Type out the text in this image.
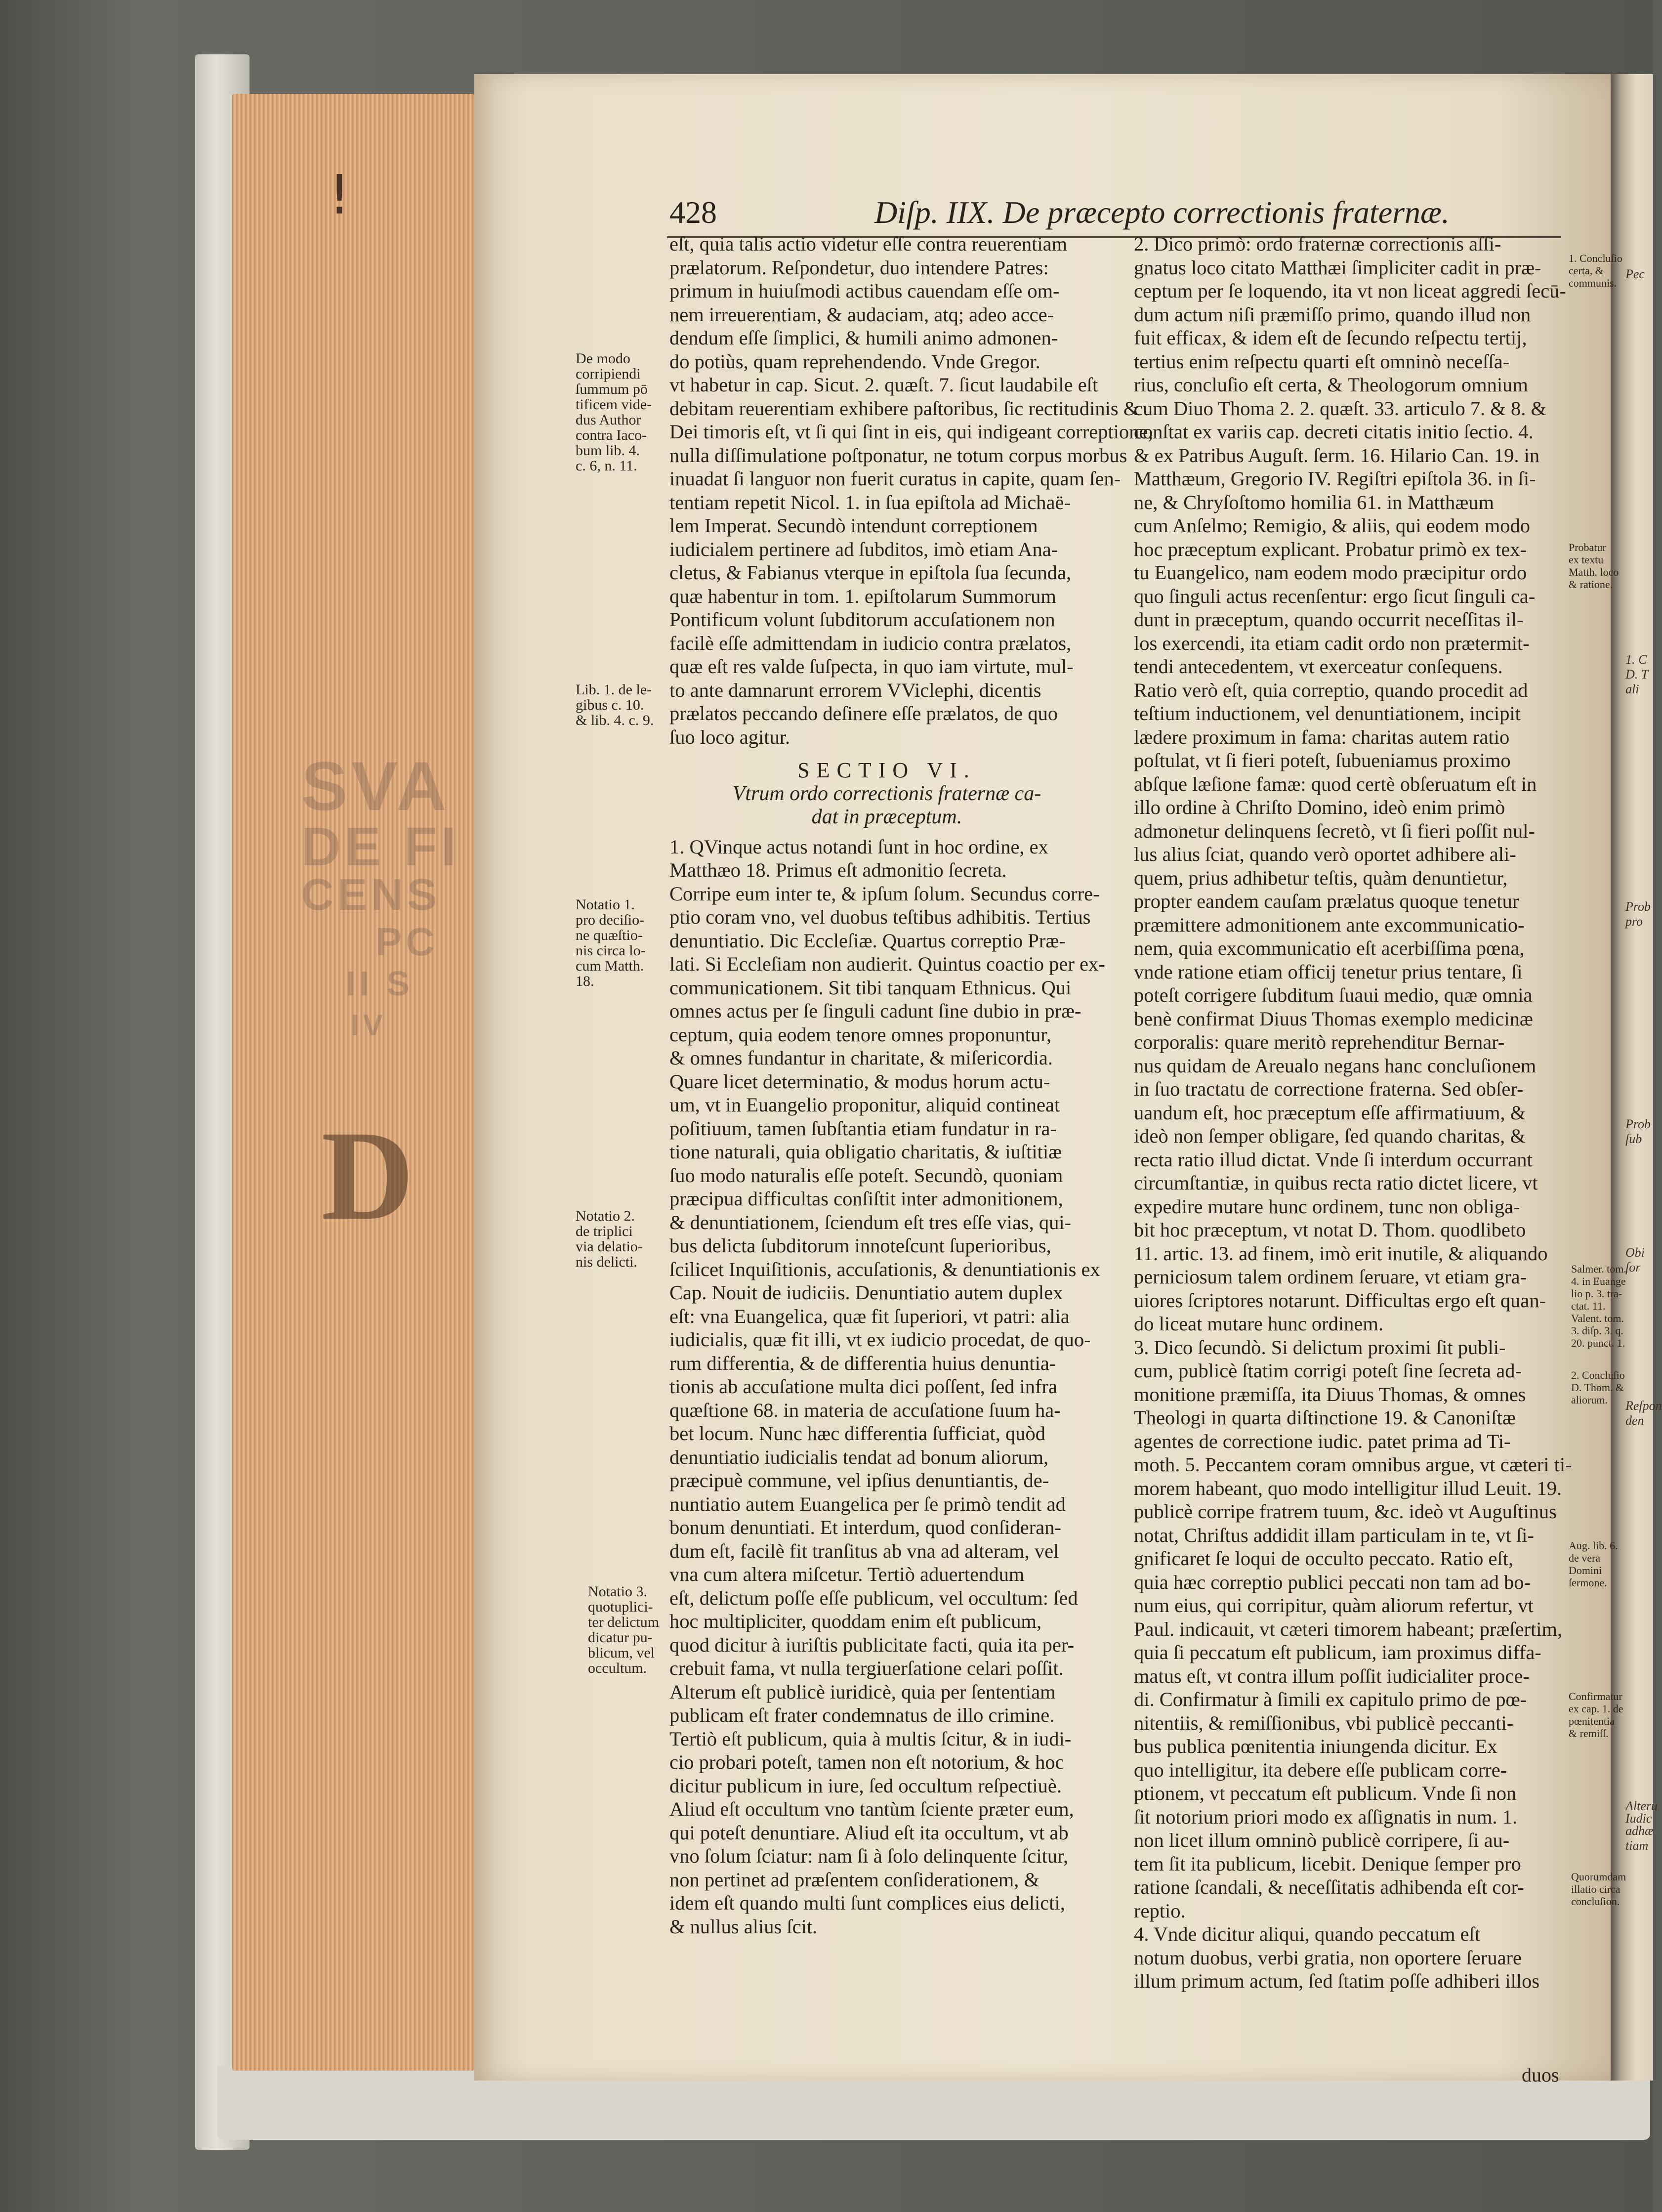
SVA
DE FI
CENS
PC
II S
IV
D
!	428	Diſp. IIX. De præcepto correctionis fraternæ.
eſt, quia talis actio videtur eſſe contra reuerentiam
prælatorum. Reſpondetur, duo intendere Patres:
primum in huiuſmodi actibus cauendam eſſe om-
nem irreuerentiam, & audaciam, atq; adeo acce-
dendum eſſe ſimplici, & humili animo admonen-
do potiùs, quam reprehendendo. Vnde Gregor.
vt habetur in cap. Sicut. 2. quæſt. 7. ſicut laudabile eſt
debitam reuerentiam exhibere paſtoribus, ſic rectitudinis &
Dei timoris eſt, vt ſi qui ſint in eis, qui indigeant correptione,
nulla diſſimulatione poſtponatur, ne totum corpus morbus
inuadat ſi languor non fuerit curatus in capite, quam ſen-
tentiam repetit Nicol. 1. in ſua epiſtola ad Michaë-
lem Imperat. Secundò intendunt correptionem
iudicialem pertinere ad ſubditos, imò etiam Ana-
cletus, & Fabianus vterque in epiſtola ſua ſecunda,
quæ habentur in tom. 1. epiſtolarum Summorum
Pontificum volunt ſubditorum accuſationem non
facilè eſſe admittendam in iudicio contra prælatos,
quæ eſt res valde ſuſpecta, in quo iam virtute, mul-
to ante damnarunt errorem VViclephi, dicentis
prælatos peccando deſinere eſſe prælatos, de quo
ſuo loco agitur.
SECTIO VI.
Vtrum ordo correctionis fraternæ ca-
dat in præceptum.
1. QVinque actus notandi ſunt in hoc ordine, ex
Matthæo 18. Primus eſt admonitio ſecreta.
Corripe eum inter te, & ipſum ſolum. Secundus corre-
ptio coram vno, vel duobus teſtibus adhibitis. Tertius
denuntiatio. Dic Eccleſiæ. Quartus correptio Præ-
lati. Si Eccleſiam non audierit. Quintus coactio per ex-
communicationem. Sit tibi tanquam Ethnicus. Qui
omnes actus per ſe ſinguli cadunt ſine dubio in præ-
ceptum, quia eodem tenore omnes proponuntur,
& omnes fundantur in charitate, & miſericordia.
Quare licet determinatio, & modus horum actu-
um, vt in Euangelio proponitur, aliquid contineat
poſitiuum, tamen ſubſtantia etiam fundatur in ra-
tione naturali, quia obligatio charitatis, & iuſtitiæ
ſuo modo naturalis eſſe poteſt. Secundò, quoniam
præcipua difficultas conſiſtit inter admonitionem,
& denuntiationem, ſciendum eſt tres eſſe vias, qui-
bus delicta ſubditorum innoteſcunt ſuperioribus,
ſcilicet Inquiſitionis, accuſationis, & denuntiationis ex
Cap. Nouit de iudiciis. Denuntiatio autem duplex
eſt: vna Euangelica, quæ fit ſuperiori, vt patri: alia
iudicialis, quæ fit illi, vt ex iudicio procedat, de quo-
rum differentia, & de differentia huius denuntia-
tionis ab accuſatione multa dici poſſent, ſed infra
quæſtione 68. in materia de accuſatione ſuum ha-
bet locum. Nunc hæc differentia ſufficiat, quòd
denuntiatio iudicialis tendat ad bonum aliorum,
præcipuè commune, vel ipſius denuntiantis, de-
nuntiatio autem Euangelica per ſe primò tendit ad
bonum denuntiati. Et interdum, quod conſideran-
dum eſt, facilè fit tranſitus ab vna ad alteram, vel
vna cum altera miſcetur. Tertiò aduertendum
eſt, delictum poſſe eſſe publicum, vel occultum: ſed
hoc multipliciter, quoddam enim eſt publicum,
quod dicitur à iuriſtis publicitate facti, quia ita per-
crebuit fama, vt nulla tergiuerſatione celari poſſit.
Alterum eſt publicè iuridicè, quia per ſententiam
publicam eſt frater condemnatus de illo crimine.
Tertiò eſt publicum, quia à multis ſcitur, & in iudi-
cio probari poteſt, tamen non eſt notorium, & hoc
dicitur publicum in iure, ſed occultum reſpectiuè.
Aliud eſt occultum vno tantùm ſciente præter eum,
qui poteſt denuntiare. Aliud eſt ita occultum, vt ab
vno ſolum ſciatur: nam ſi à ſolo delinquente ſcitur,
non pertinet ad præſentem conſiderationem, &
idem eſt quando multi ſunt complices eius delicti,
& nullus alius ſcit.
2. Dico primò: ordo fraternæ correctionis aſſi-
gnatus loco citato Matthæi ſimpliciter cadit in præ-
ceptum per ſe loquendo, ita vt non liceat aggredi ſecū-
dum actum niſi præmiſſo primo, quando illud non
fuit efficax, & idem eſt de ſecundo reſpectu tertij,
tertius enim reſpectu quarti eſt omninò neceſſa-
rius, concluſio eſt certa, & Theologorum omnium
cum Diuo Thoma 2. 2. quæſt. 33. articulo 7. & 8. &
conſtat ex variis cap. decreti citatis initio ſectio. 4.
& ex Patribus Auguſt. ſerm. 16. Hilario Can. 19. in
Matthæum, Gregorio IV. Regiſtri epiſtola 36. in ſi-
ne, & Chryſoſtomo homilia 61. in Matthæum
cum Anſelmo; Remigio, & aliis, qui eodem modo
hoc præceptum explicant. Probatur primò ex tex-
tu Euangelico, nam eodem modo præcipitur ordo
quo ſinguli actus recenſentur: ergo ſicut ſinguli ca-
dunt in præceptum, quando occurrit neceſſitas il-
los exercendi, ita etiam cadit ordo non prætermit-
tendi antecedentem, vt exerceatur conſequens.
Ratio verò eſt, quia correptio, quando procedit ad
teſtium inductionem, vel denuntiationem, incipit
lædere proximum in fama: charitas autem ratio
poſtulat, vt ſi fieri poteſt, ſubueniamus proximo
abſque læſione famæ: quod certè obſeruatum eſt in
illo ordine à Chriſto Domino, ideò enim primò
admonetur delinquens ſecretò, vt ſi fieri poſſit nul-
lus alius ſciat, quando verò oportet adhibere ali-
quem, prius adhibetur teſtis, quàm denuntietur,
propter eandem cauſam prælatus quoque tenetur
præmittere admonitionem ante excommunicatio-
nem, quia excommunicatio eſt acerbiſſima pœna,
vnde ratione etiam officij tenetur prius tentare, ſi
poteſt corrigere ſubditum ſuaui medio, quæ omnia
benè confirmat Diuus Thomas exemplo medicinæ
corporalis: quare meritò reprehenditur Bernar-
nus quidam de Areualo negans hanc concluſionem
in ſuo tractatu de correctione fraterna. Sed obſer-
uandum eſt, hoc præceptum eſſe affirmatiuum, &
ideò non ſemper obligare, ſed quando charitas, &
recta ratio illud dictat. Vnde ſi interdum occurrant
circumſtantiæ, in quibus recta ratio dictet licere, vt
expedire mutare hunc ordinem, tunc non obliga-
bit hoc præceptum, vt notat D. Thom. quodlibeto
11. artic. 13. ad finem, imò erit inutile, & aliquando
perniciosum talem ordinem ſeruare, vt etiam gra-
uiores ſcriptores notarunt. Difficultas ergo eſt quan-
do liceat mutare hunc ordinem.
3. Dico ſecundò. Si delictum proximi ſit publi-
cum, publicè ſtatim corrigi poteſt ſine ſecreta ad-
monitione præmiſſa, ita Diuus Thomas, & omnes
Theologi in quarta diſtinctione 19. & Canoniſtæ
agentes de correctione iudic. patet prima ad Ti-
moth. 5. Peccantem coram omnibus argue, vt cæteri ti-
morem habeant, quo modo intelligitur illud Leuit. 19.
publicè corripe fratrem tuum, &c. ideò vt Auguſtinus
notat, Chriſtus addidit illam particulam in te, vt ſi-
gnificaret ſe loqui de occulto peccato. Ratio eſt,
quia hæc correptio publici peccati non tam ad bo-
num eius, qui corripitur, quàm aliorum refertur, vt
Paul. indicauit, vt cæteri timorem habeant; præſertim,
quia ſi peccatum eſt publicum, iam proximus diffa-
matus eſt, vt contra illum poſſit iudicialiter proce-
di. Confirmatur à ſimili ex capitulo primo de pœ-
nitentiis, & remiſſionibus, vbi publicè peccanti-
bus publica pœnitentia iniungenda dicitur. Ex
quo intelligitur, ita debere eſſe publicam corre-
ptionem, vt peccatum eſt publicum. Vnde ſi non
ſit notorium priori modo ex aſſignatis in num. 1.
non licet illum omninò publicè corripere, ſi au-
tem ſit ita publicum, licebit. Denique ſemper pro
ratione ſcandali, & neceſſitatis adhibenda eſt cor-
reptio.
4. Vnde dicitur aliqui, quando peccatum eſt
notum duobus, verbi gratia, non oportere ſeruare
illum primum actum, ſed ſtatim poſſe adhiberi illos
De modo
corripiendi
ſummum pō
tificem vide-
dus Author
contra Iaco-
bum lib. 4.
c. 6, n. 11.
Lib. 1. de le-
gibus c. 10.
& lib. 4. c. 9.
Notatio 1.
pro deciſio-
ne quæſtio-
nis circa lo-
cum Matth.
18.
Notatio 2.
de triplici
via delatio-
nis delicti.
Notatio 3.
quotuplici-
ter delictum
dicatur pu-
blicum, vel
occultum.
1. Concluſio
certa, &
communis.
Probatur
ex textu
Matth. loco
& ratione.
Salmer. tom.
4. in Euange
lio p. 3. tra-
ctat. 11.
Valent. tom.
3. diſp. 3. q.
20. punct. 1.
2. Concluſio
D. Thom. &
aliorum.
Aug. lib. 6.
de vera
Domini
ſermone.
Confirmatur
ex cap. 1. de
pœnitentia
& remiſſ.
Quorumdam
illatio circa
concluſion.
Pec
1. C
D. T
ali
Prob
pro
Prob
ſub
Obi
ſor
Reſpon
den
Alteru
Iudic
adhæ
tiam
duos
